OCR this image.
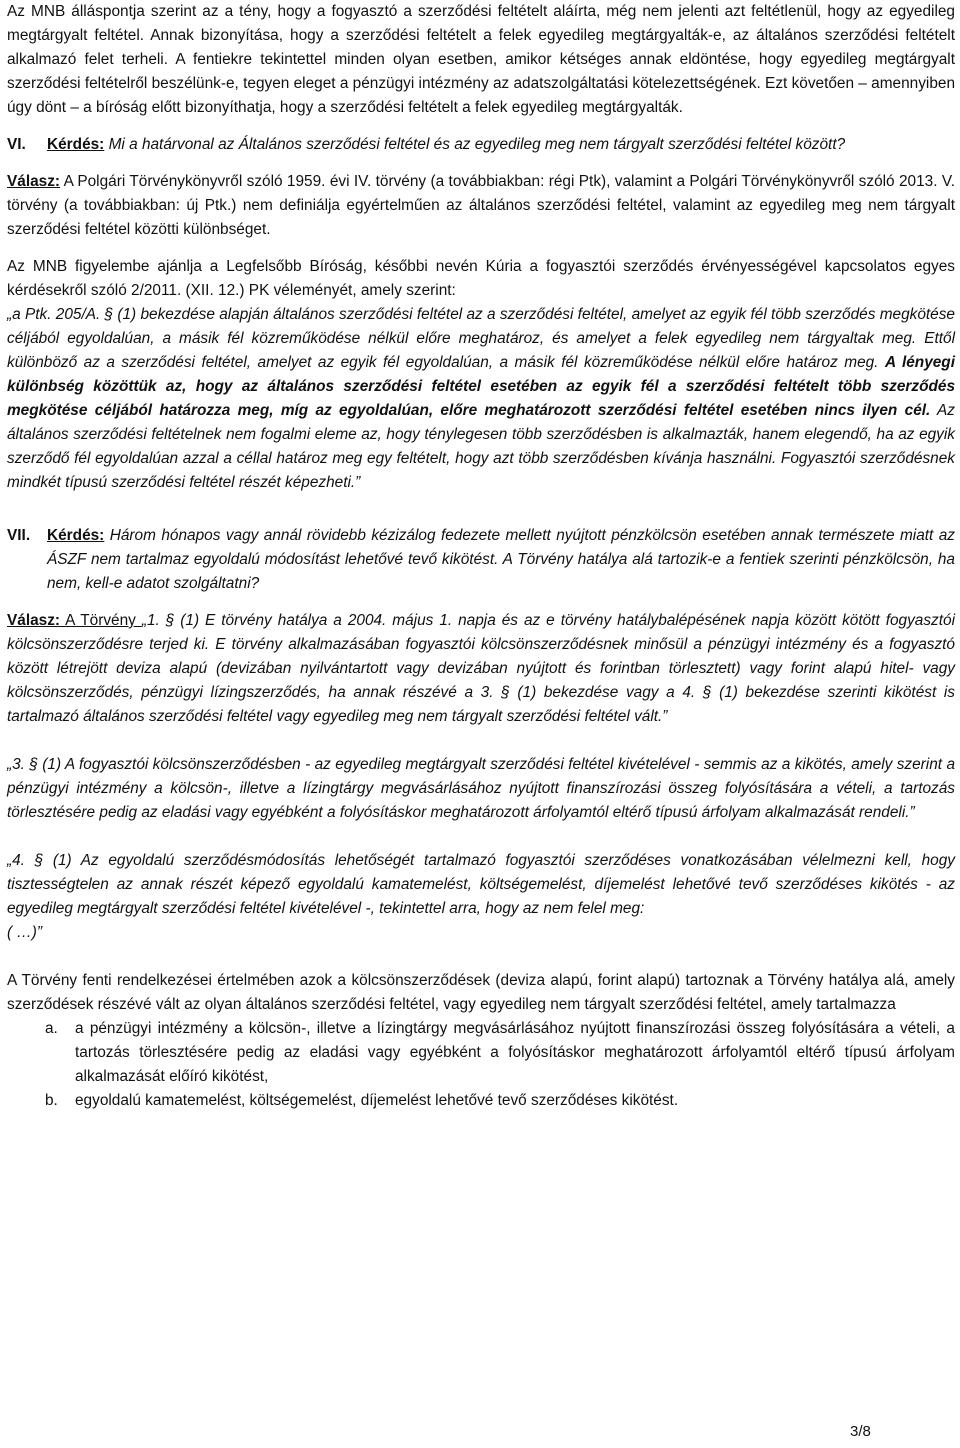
Az MNB álláspontja szerint az a tény, hogy a fogyasztó a szerződési feltételt aláírta, még nem jelenti azt feltétlenül, hogy az egyedileg megtárgyalt feltétel. Annak bizonyítása, hogy a szerződési feltételt a felek egyedileg megtárgyalták-e, az általános szerződési feltételt alkalmazó felet terheli. A fentiekre tekintettel minden olyan esetben, amikor kétséges annak eldöntése, hogy egyedileg megtárgyalt szerződési feltételről beszélünk-e, tegyen eleget a pénzügyi intézmény az adatszolgáltatási kötelezettségének. Ezt követően – amennyiben úgy dönt – a bíróság előtt bizonyíthatja, hogy a szerződési feltételt a felek egyedileg megtárgyalták.

VI.	Kérdés: Mi a határvonal az Általános szerződési feltétel és az egyedileg meg nem tárgyalt szerződési feltétel között?

Válasz: A Polgári Törvénykönyvről szóló 1959. évi IV. törvény (a továbbiakban: régi Ptk), valamint a Polgári Törvénykönyvről szóló 2013. V. törvény (a továbbiakban: új Ptk.) nem definiálja egyértelműen az általános szerződési feltétel, valamint az egyedileg meg nem tárgyalt szerződési feltétel közötti különbséget.

Az MNB figyelembe ajánlja a Legfelsőbb Bíróság, későbbi nevén Kúria a fogyasztói szerződés érvényességével kapcsolatos egyes kérdésekről szóló 2/2011. (XII. 12.) PK véleményét, amely szerint:

„a Ptk. 205/A. § (1) bekezdése alapján általános szerződési feltétel az a szerződési feltétel, amelyet az egyik fél több szerződés megkötése céljából egyoldalúan, a másik fél közreműködése nélkül előre meghatároz, és amelyet a felek egyedileg nem tárgyaltak meg. Ettől különböző az a szerződési feltétel, amelyet az egyik fél egyoldalúan, a másik fél közreműködése nélkül előre határoz meg. A lényegi különbség közöttük az, hogy az általános szerződési feltétel esetében az egyik fél a szerződési feltételt több szerződés megkötése céljából határozza meg, míg az egyoldalúan, előre meghatározott szerződési feltétel esetében nincs ilyen cél. Az általános szerződési feltételnek nem fogalmi eleme az, hogy ténylegesen több szerződésben is alkalmazták, hanem elegendő, ha az egyik szerződő fél egyoldalúan azzal a céllal határoz meg egy feltételt, hogy azt több szerződésben kívánja használni. Fogyasztói szerződésnek mindkét típusú szerződési feltétel részét képezheti.”

VII.	Kérdés: Három hónapos vagy annál rövidebb kézizálog fedezete mellett nyújtott pénzkölcsön esetében annak természete miatt az ÁSZF nem tartalmaz egyoldalú módosítást lehetővé tevő kikötést. A Törvény hatálya alá tartozik-e a fentiek szerinti pénzkölcsön, ha nem, kell-e adatot szolgáltatni?

Válasz: A Törvény „1. § (1) E törvény hatálya a 2004. május 1. napja és az e törvény hatálybalépésének napja között kötött fogyasztói kölcsönszerződésre terjed ki. E törvény alkalmazásában fogyasztói kölcsönszerződésnek minősül a pénzügyi intézmény és a fogyasztó között létrejött deviza alapú (devizában nyilvántartott vagy devizában nyújtott és forintban törlesztett) vagy forint alapú hitel- vagy kölcsönszerződés, pénzügyi lízingszerződés, ha annak részévé a 3. § (1) bekezdése vagy a 4. § (1) bekezdése szerinti kikötést is tartalmazó általános szerződési feltétel vagy egyedileg meg nem tárgyalt szerződési feltétel vált.”

„3. § (1) A fogyasztói kölcsönszerződésben - az egyedileg megtárgyalt szerződési feltétel kivételével - semmis az a kikötés, amely szerint a pénzügyi intézmény a kölcsön-, illetve a lízingtárgy megvásárlásához nyújtott finanszírozási összeg folyósítására a vételi, a tartozás törlesztésére pedig az eladási vagy egyébként a folyósításkor meghatározott árfolyamtól eltérő típusú árfolyam alkalmazását rendeli.”

„4. § (1) Az egyoldalú szerződésmódosítás lehetőségét tartalmazó fogyasztói szerződéses vonatkozásában vélelmezni kell, hogy tisztességtelen az annak részét képező egyoldalú kamatemelést, költségemelést, díjemelést lehetővé tevő szerződéses kikötés - az egyedileg megtárgyalt szerződési feltétel kivételével -, tekintettel arra, hogy az nem felel meg:

( …)”

A Törvény fenti rendelkezései értelmében azok a kölcsönszerződések (deviza alapú, forint alapú) tartoznak a Törvény hatálya alá, amely szerződések részévé vált az olyan általános szerződési feltétel, vagy egyedileg nem tárgyalt szerződési feltétel, amely tartalmazza

a.	a pénzügyi intézmény a kölcsön-, illetve a lízingtárgy megvásárlásához nyújtott finanszírozási összeg folyósítására a vételi, a tartozás törlesztésére pedig az eladási vagy egyébként a folyósításkor meghatározott árfolyamtól eltérő típusú árfolyam alkalmazását előíró kikötést,
b.	egyoldalú kamatemelést, költségemelést, díjemelést lehetővé tevő szerződéses kikötést.
3/8
